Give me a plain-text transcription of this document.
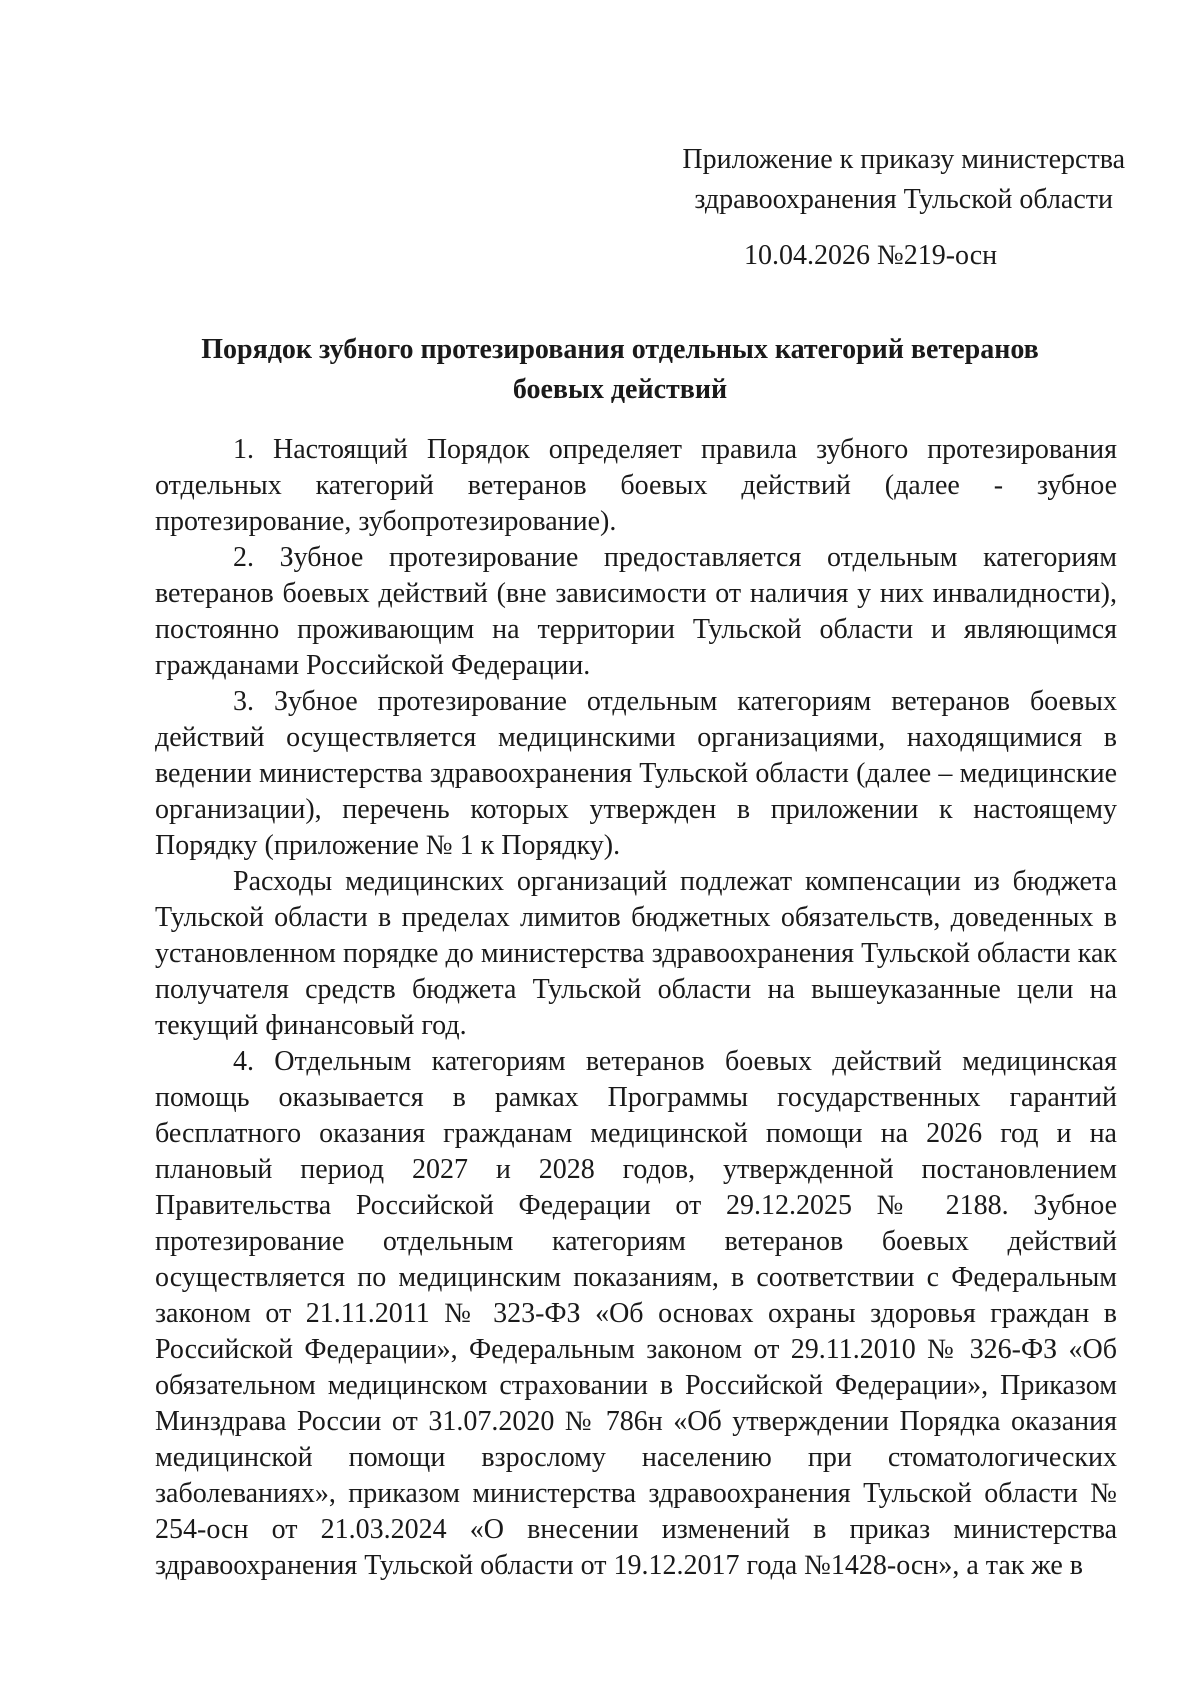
Приложение к приказу министерства
здравоохранения Тульской области
10.04.2026 №219-осн
Порядок зубного протезирования отдельных категорий ветеранов
боевых действий

1. Настоящий Порядок определяет правила зубного протезирования отдельных категорий ветеранов боевых действий (далее - зубное протезирование, зубопротезирование).

2. Зубное протезирование предоставляется отдельным категориям ветеранов боевых действий (вне зависимости от наличия у них инвалидности), постоянно проживающим на территории Тульской области и являющимся гражданами Российской Федерации.

3. Зубное протезирование отдельным категориям ветеранов боевых действий осуществляется медицинскими организациями, находящимися в ведении министерства здравоохранения Тульской области (далее – медицинские организации), перечень которых утвержден в приложении к настоящему Порядку (приложение № 1 к Порядку).

Расходы медицинских организаций подлежат компенсации из бюджета Тульской области в пределах лимитов бюджетных обязательств, доведенных в установленном порядке до министерства здравоохранения Тульской области как получателя средств бюджета Тульской области на вышеуказанные цели на текущий финансовый год.

4. Отдельным категориям ветеранов боевых действий медицинская помощь оказывается в рамках Программы государственных гарантий бесплатного оказания гражданам медицинской помощи на 2026 год и на плановый период 2027 и 2028 годов, утвержденной постановлением Правительства Российской Федерации от 29.12.2025 № 2188. Зубное протезирование отдельным категориям ветеранов боевых действий осуществляется по медицинским показаниям, в соответствии с Федеральным законом от 21.11.2011 № 323-ФЗ «Об основах охраны здоровья граждан в Российской Федерации», Федеральным законом от 29.11.2010 № 326-ФЗ «Об обязательном медицинском страховании в Российской Федерации», Приказом Минздрава России от 31.07.2020 № 786н «Об утверждении Порядка оказания медицинской помощи взрослому населению при стоматологических заболеваниях», приказом министерства здравоохранения Тульской области № 254-осн от 21.03.2024 «О внесении изменений в приказ министерства здравоохранения Тульской области от 19.12.2017 года №1428-осн», а так же в
